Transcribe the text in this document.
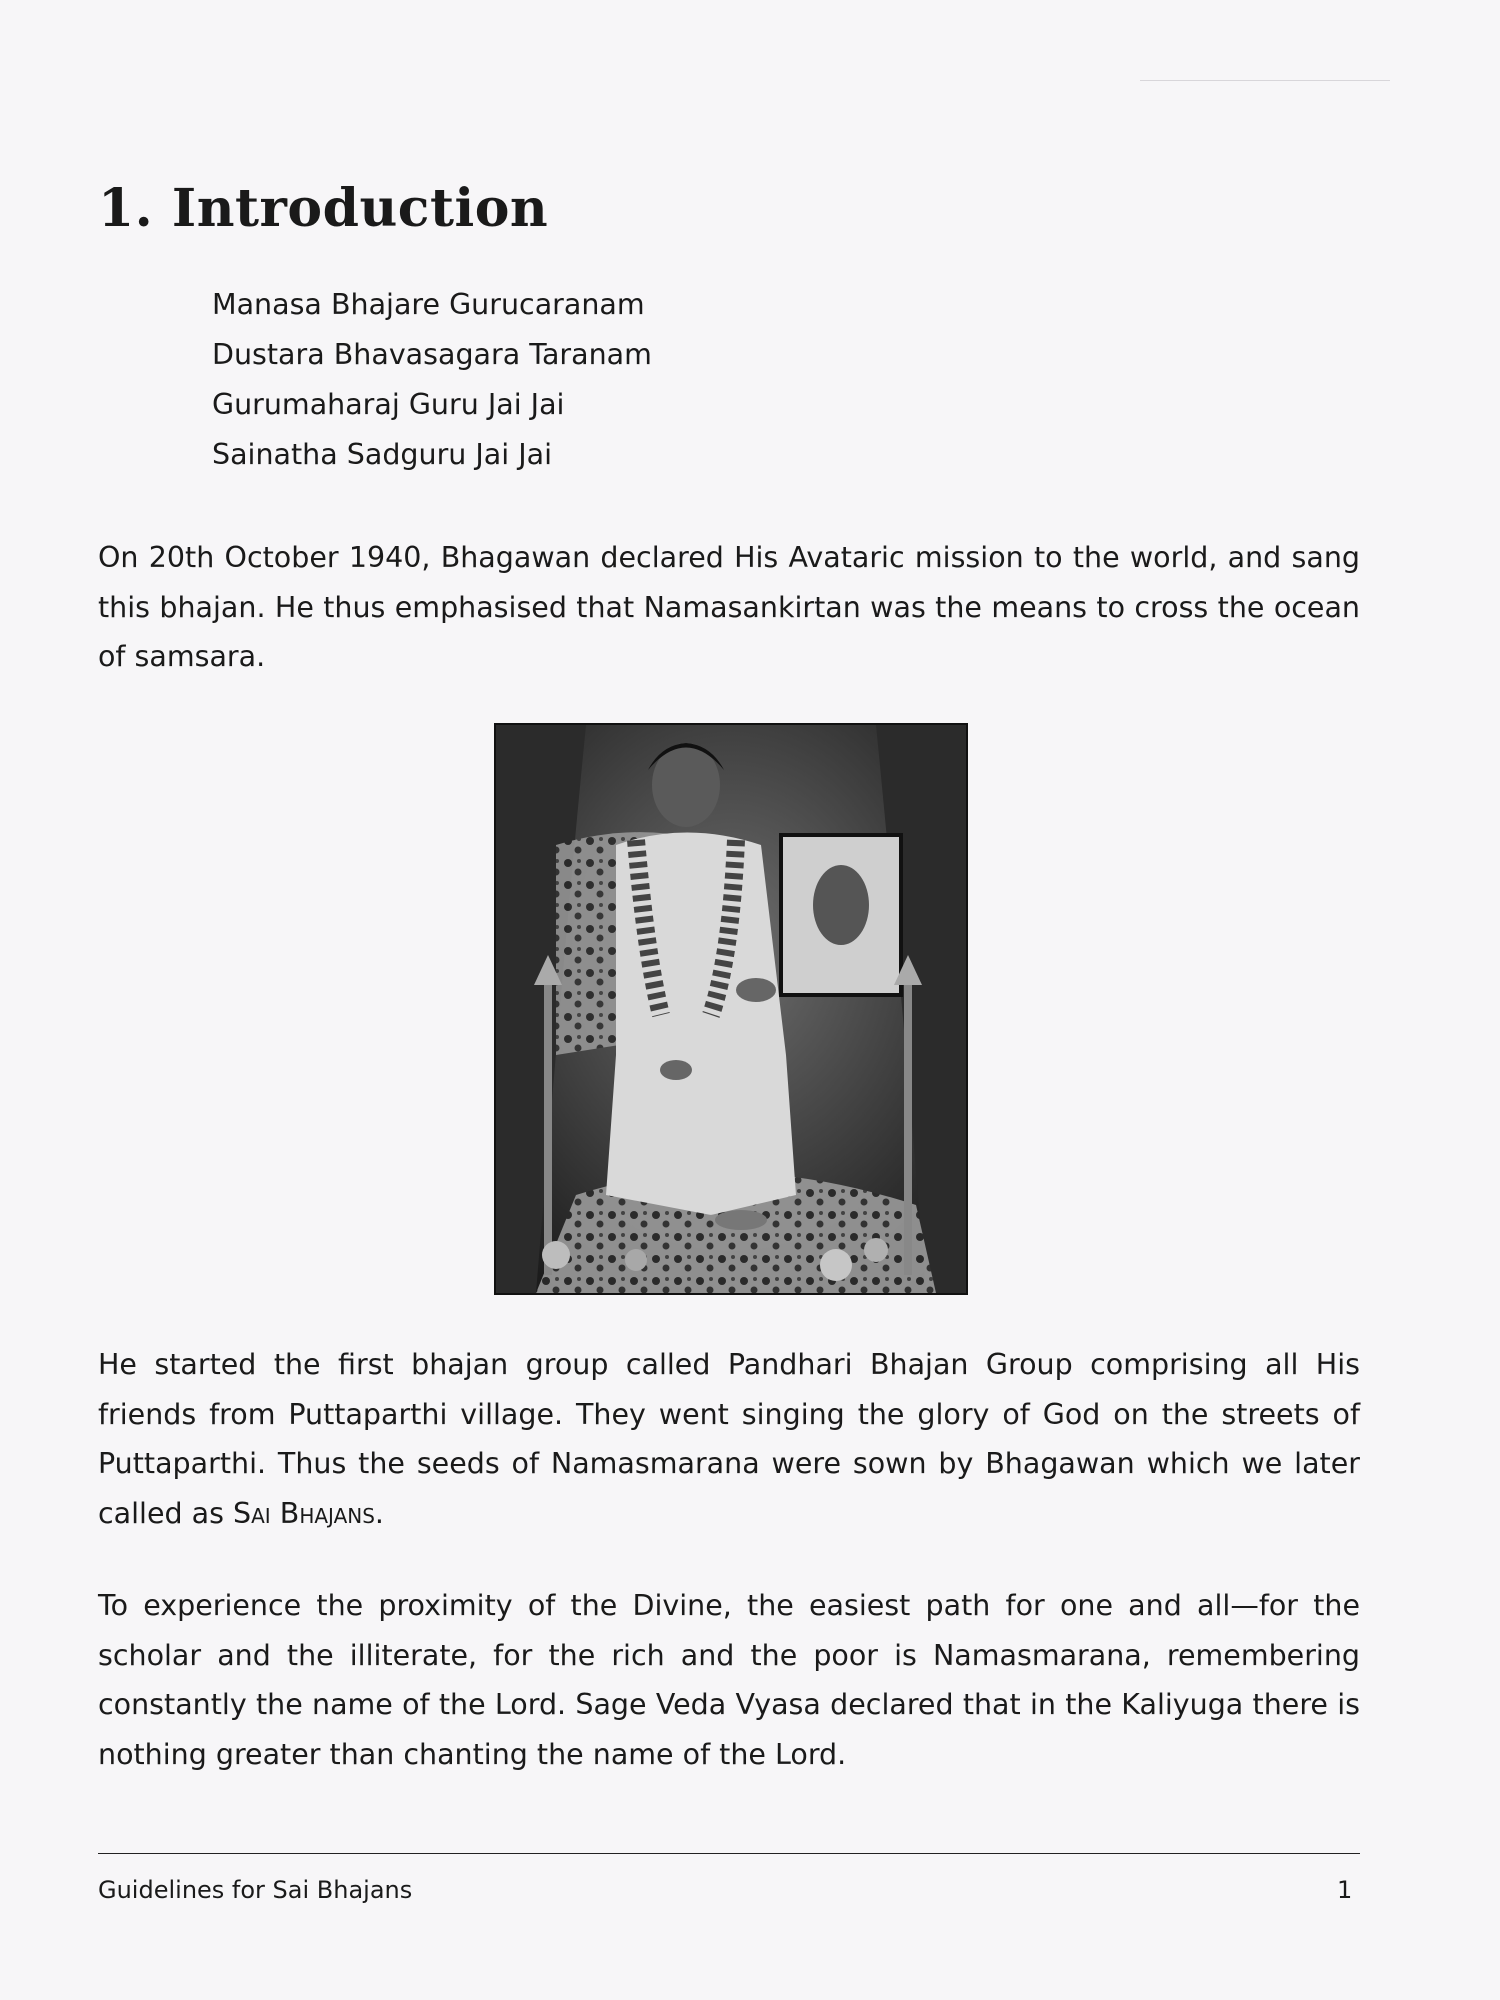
1. Introduction
Manasa Bhajare Gurucaranam
Dustara Bhavasagara Taranam
Gurumaharaj Guru Jai Jai
Sainatha Sadguru Jai Jai

On 20th October 1940, Bhagawan declared His Avataric mission to the world, and sang this bhajan. He thus emphasised that Namasankirtan was the means to cross the ocean of samsara.

He started the first bhajan group called Pandhari Bhajan Group comprising all His friends from Puttaparthi village. They went singing the glory of God on the streets of Puttaparthi. Thus the seeds of Namasmarana were sown by Bhagawan which we later called as Sai Bhajans.

To experience the proximity of the Divine, the easiest path for one and all—for the scholar and the illiterate, for the rich and the poor is Namasmarana, remembering constantly the name of the Lord. Sage Veda Vyasa declared that in the Kaliyuga there is nothing greater than chanting the name of the Lord.

Guidelines for Sai Bhajans	1
